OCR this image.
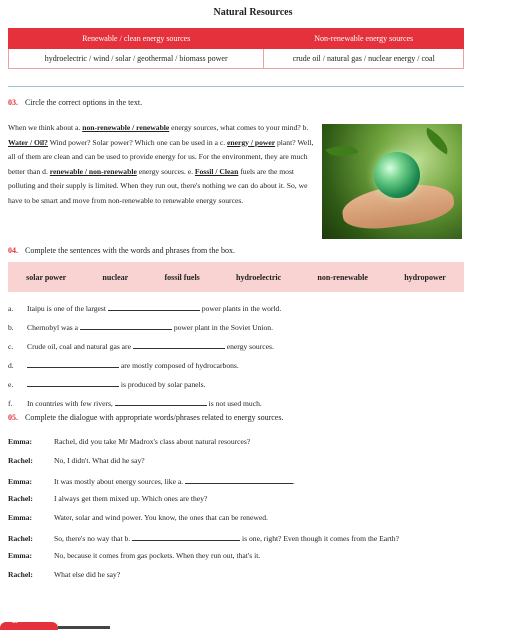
Natural Resources
Renewable / clean energy sources	Non-renewable energy sources
hydroelectric / wind / solar / geothermal / biomass power	crude oil / natural gas / nuclear energy / coal
03. Circle the correct options in the text.
When we think about a. non-renewable / renewable energy sources, what comes to your mind? b. Water / Oil? Wind power? Solar power? Which one can be used in a c. energy / power plant? Well, all of them are clean and can be used to provide energy for us. For the environment, they are much better than d. renewable / non-renewable energy sources. e. Fossil / Clean fuels are the most polluting and their supply is limited. When they run out, there's nothing we can do about it. So, we have to be smart and move from non-renewable to renewable energy sources.
04. Complete the sentences with the words and phrases from the box.
solar power	nuclear	fossil fuels	hydroelectric	non-renewable	hydropower
a. Itaipu is one of the largest	power plants in the world.
b. Chernobyl was a	power plant in the Soviet Union.
c. Crude oil, coal and natural gas are	energy sources.
d.	are mostly composed of hydrocarbons.
e.	is produced by solar panels.
f. In countries with few rivers,	is not used much.
05. Complete the dialogue with appropriate words/phrases related to energy sources.
Emma:	Rachel, did you take Mr Madrox's class about natural resources?
Rachel:	No, I didn't. What did he say?
Emma:	It was mostly about energy sources, like a.	.
Rachel:	I always get them mixed up. Which ones are they?
Emma:	Water, solar and wind power. You know, the ones that can be renewed.
Rachel:	So, there's no way that b.	is one, right? Even though it comes from the Earth?
Emma:	No, because it comes from gas pockets. When they run out, that's it.
Rachel:	What else did he say?
60
